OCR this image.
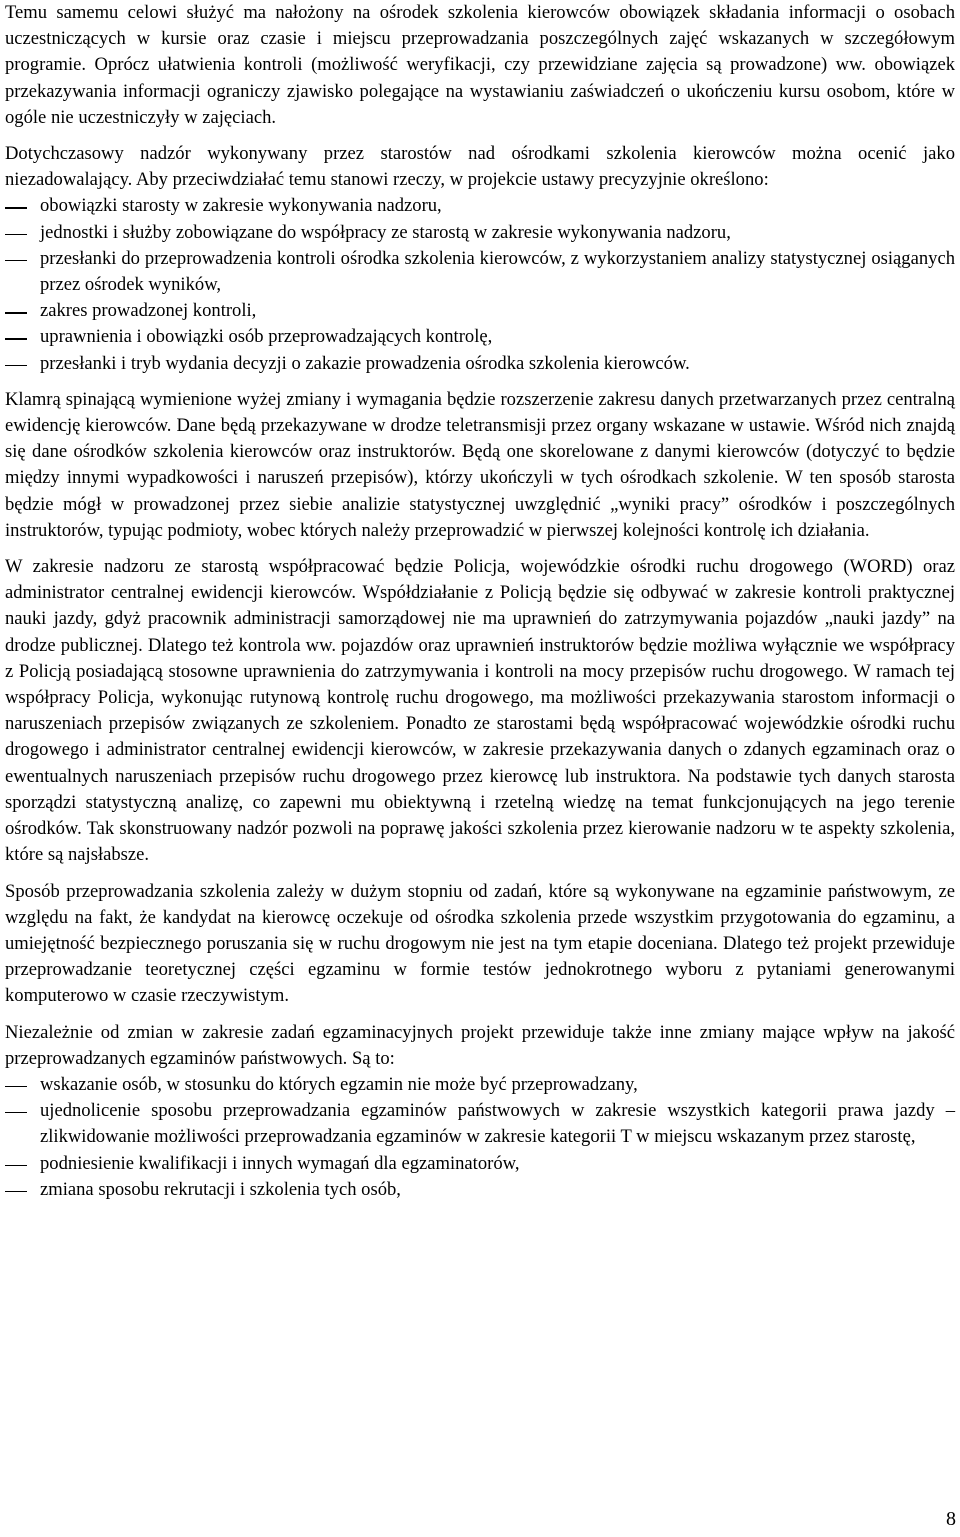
Temu samemu celowi służyć ma nałożony na ośrodek szkolenia kierowców obowiązek składania informacji o osobach uczestniczących w kursie oraz czasie i miejscu przeprowadzania poszczególnych zajęć wskazanych w szczegółowym programie. Oprócz ułatwienia kontroli (możliwość weryfikacji, czy przewidziane zajęcia są prowadzone) ww. obowiązek przekazywania informacji ograniczy zjawisko polegające na wystawianiu zaświadczeń o ukończeniu kursu osobom, które w ogóle nie uczestniczyły w zajęciach.

Dotychczasowy nadzór wykonywany przez starostów nad ośrodkami szkolenia kierowców można ocenić jako niezadowalający. Aby przeciwdziałać temu stanowi rzeczy, w projekcie ustawy precyzyjnie określono:

obowiązki starosty w zakresie wykonywania nadzoru,
jednostki i służby zobowiązane do współpracy ze starostą w zakresie wykonywania nadzoru,
przesłanki do przeprowadzenia kontroli ośrodka szkolenia kierowców, z wykorzystaniem analizy statystycznej osiąganych przez ośrodek wyników,
zakres prowadzonej kontroli,
uprawnienia i obowiązki osób przeprowadzających kontrolę,
przesłanki i tryb wydania decyzji o zakazie prowadzenia ośrodka szkolenia kierowców.

Klamrą spinającą wymienione wyżej zmiany i wymagania będzie rozszerzenie zakresu danych przetwarzanych przez centralną ewidencję kierowców. Dane będą przekazywane w drodze teletransmisji przez organy wskazane w ustawie. Wśród nich znajdą się dane ośrodków szkolenia kierowców oraz instruktorów. Będą one skorelowane z danymi kierowców (dotyczyć to będzie między innymi wypadkowości i naruszeń przepisów), którzy ukończyli w tych ośrodkach szkolenie. W ten sposób starosta będzie mógł w prowadzonej przez siebie analizie statystycznej uwzględnić „wyniki pracy” ośrodków i poszczególnych instruktorów, typując podmioty, wobec których należy przeprowadzić w pierwszej kolejności kontrolę ich działania.

W zakresie nadzoru ze starostą współpracować będzie Policja, wojewódzkie ośrodki ruchu drogowego (WORD) oraz administrator centralnej ewidencji kierowców. Współdziałanie z Policją będzie się odbywać w zakresie kontroli praktycznej nauki jazdy, gdyż pracownik administracji samorządowej nie ma uprawnień do zatrzymywania pojazdów „nauki jazdy” na drodze publicznej. Dlatego też kontrola ww. pojazdów oraz uprawnień instruktorów będzie możliwa wyłącznie we współpracy z Policją posiadającą stosowne uprawnienia do zatrzymywania i kontroli na mocy przepisów ruchu drogowego. W ramach tej współpracy Policja, wykonując rutynową kontrolę ruchu drogowego, ma możliwości przekazywania starostom informacji o naruszeniach przepisów związanych ze szkoleniem. Ponadto ze starostami będą współpracować wojewódzkie ośrodki ruchu drogowego i administrator centralnej ewidencji kierowców, w zakresie przekazywania danych o zdanych egzaminach oraz o ewentualnych naruszeniach przepisów ruchu drogowego przez kierowcę lub instruktora. Na podstawie tych danych starosta sporządzi statystyczną analizę, co zapewni mu obiektywną i rzetelną wiedzę na temat funkcjonujących na jego terenie ośrodków. Tak skonstruowany nadzór pozwoli na poprawę jakości szkolenia przez kierowanie nadzoru w te aspekty szkolenia, które są najsłabsze.

Sposób przeprowadzania szkolenia zależy w dużym stopniu od zadań, które są wykonywane na egzaminie państwowym, ze względu na fakt, że kandydat na kierowcę oczekuje od ośrodka szkolenia przede wszystkim przygotowania do egzaminu, a umiejętność bezpiecznego poruszania się w ruchu drogowym nie jest na tym etapie doceniana. Dlatego też projekt przewiduje przeprowadzanie teoretycznej części egzaminu w formie testów jednokrotnego wyboru z pytaniami generowanymi komputerowo w czasie rzeczywistym.

Niezależnie od zmian w zakresie zadań egzaminacyjnych projekt przewiduje także inne zmiany mające wpływ na jakość przeprowadzanych egzaminów państwowych. Są to:

wskazanie osób, w stosunku do których egzamin nie może być przeprowadzany,
ujednolicenie sposobu przeprowadzania egzaminów państwowych w zakresie wszystkich kategorii prawa jazdy – zlikwidowanie możliwości przeprowadzania egzaminów w zakresie kategorii T w miejscu wskazanym przez starostę,
podniesienie kwalifikacji i innych wymagań dla egzaminatorów,
zmiana sposobu rekrutacji i szkolenia tych osób,
8
